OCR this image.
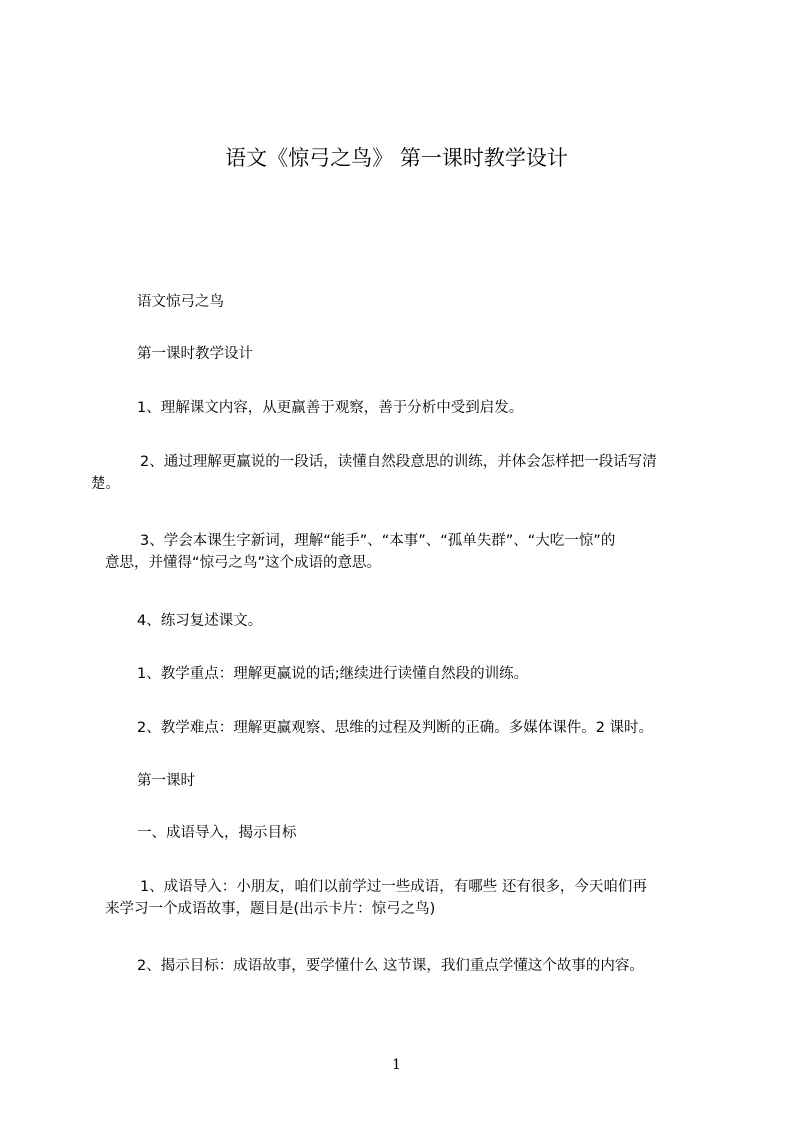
语文《惊弓之鸟》 第一课时教学设计
语文惊弓之鸟
第一课时教学设计
1、理解课文内容，从更赢善于观察，善于分析中受到启发。
2、通过理解更赢说的一段话，读懂自然段意思的训练，并体会怎样把一段话写清
楚。
3、学会本课生字新词，理解“能手”、“本事”、“孤单失群”、“大吃一惊”的
意思，并懂得“惊弓之鸟”这个成语的意思。
4、练习复述课文。
1、教学重点：理解更赢说的话;继续进行读懂自然段的训练。
2、教学难点：理解更赢观察、思维的过程及判断的正确。多媒体课件。2 课时。
第一课时
一、成语导入，揭示目标
1、成语导入：小朋友，咱们以前学过一些成语，有哪些 还有很多，今天咱们再
来学习一个成语故事，题目是(出示卡片：惊弓之鸟)
2、揭示目标：成语故事，要学懂什么 这节课，我们重点学懂这个故事的内容。
1
